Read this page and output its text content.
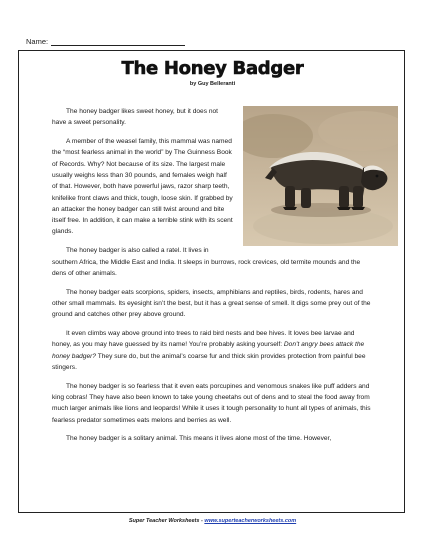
Name:
The Honey Badger
by Guy Belleranti

The honey badger likes sweet honey, but it does not have a sweet personality.

A member of the weasel family, this mammal was named the “most fearless animal in the world” by The Guinness Book of Records. Why? Not because of its size. The largest male usually weighs less than 30 pounds, and females weigh half of that. However, both have powerful jaws, razor sharp teeth, knifelike front claws and thick, tough, loose skin. If grabbed by an attacker the honey badger can still twist around and bite itself free. In addition, it can make a terrible stink with its scent glands.

The honey badger is also called a ratel. It lives in southern Africa, the Middle East and India. It sleeps in burrows, rock crevices, old termite mounds and the dens of other animals.

The honey badger eats scorpions, spiders, insects, amphibians and reptiles, birds, rodents, hares and other small mammals. Its eyesight isn’t the best, but it has a great sense of smell. It digs some prey out of the ground and catches other prey above ground.

It even climbs way above ground into trees to raid bird nests and bee hives. It loves bee larvae and honey, as you may have guessed by its name! You’re probably asking yourself: Don’t angry bees attack the honey badger? They sure do, but the animal’s coarse fur and thick skin provides protection from painful bee stingers.

The honey badger is so fearless that it even eats porcupines and venomous snakes like puff adders and king cobras! They have also been known to take young cheetahs out of dens and to steal the food away from much larger animals like lions and leopards! While it uses it tough personality to hunt all types of animals, this fearless predator sometimes eats melons and berries as well.

The honey badger is a solitary animal. This means it lives alone most of the time. However,

Super Teacher Worksheets - www.superteacherworksheets.com
